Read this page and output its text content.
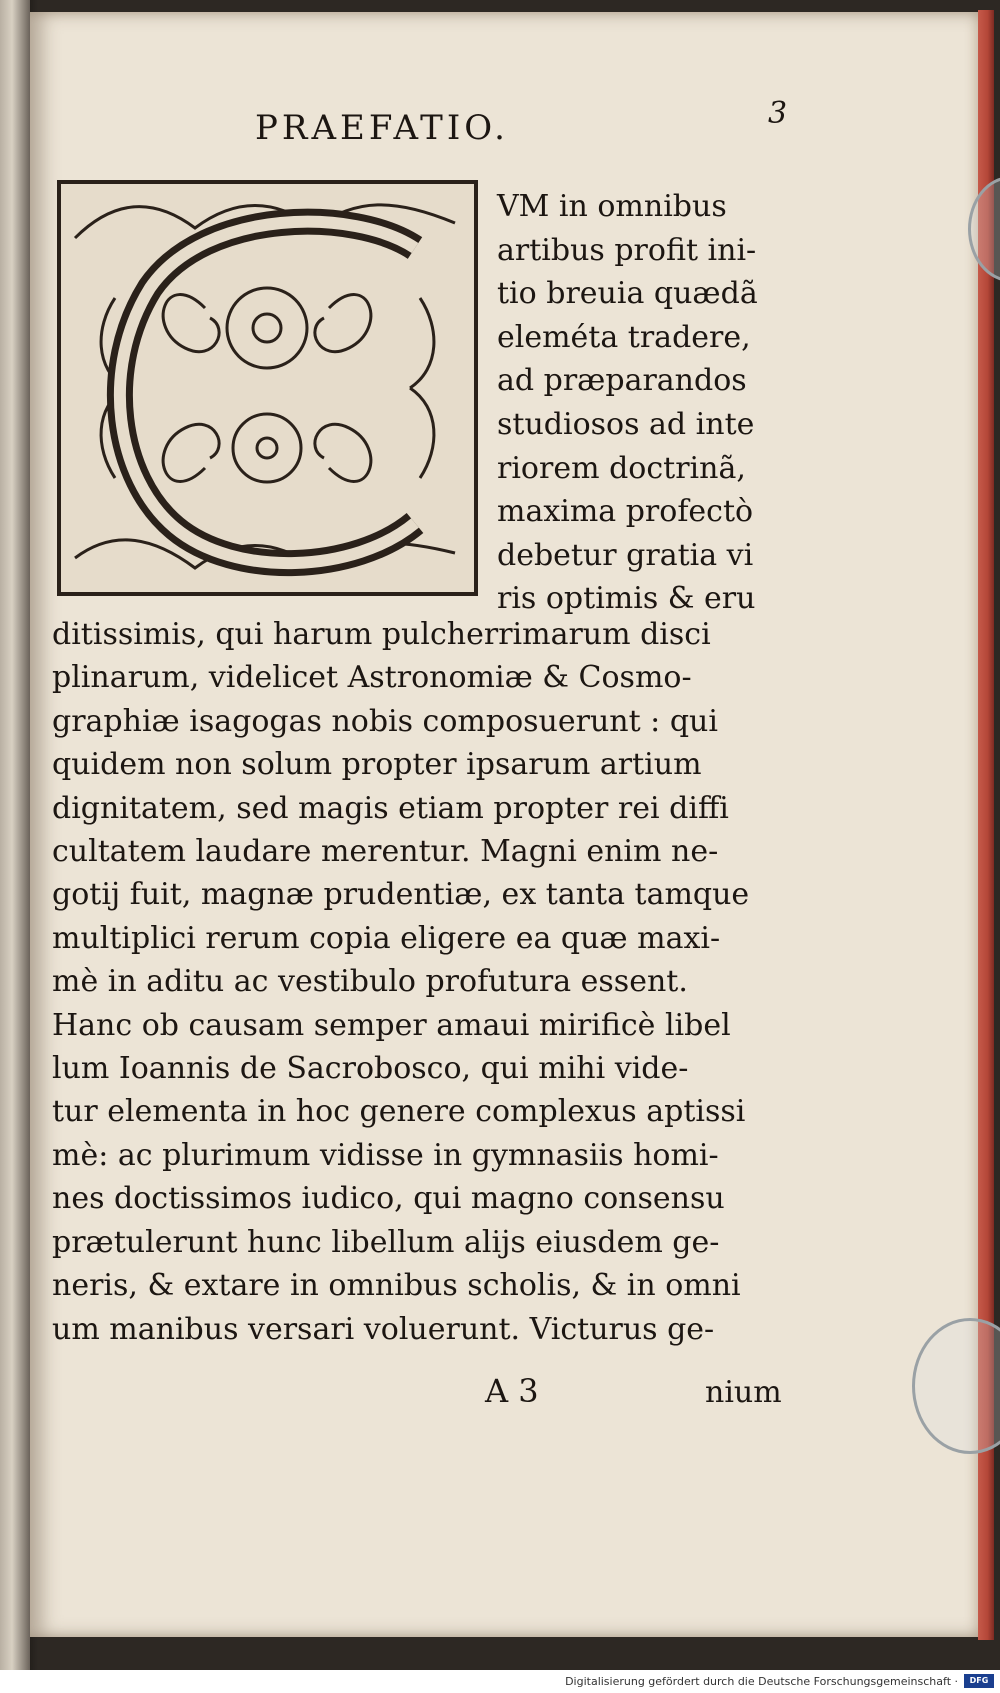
PRAEFATIO.	3
VM in omnibus
artibus profit ini-
tio breuia quædã
eleméta tradere,
ad præparandos
studiosos ad inte
riorem doctrinã,
maxima profectò
debetur gratia vi
ris optimis & eru
ditissimis, qui harum pulcherrimarum disci
plinarum, videlicet Astronomiæ & Cosmo-
graphiæ isagogas nobis composuerunt : qui
quidem non solum propter ipsarum artium
dignitatem, sed magis etiam propter rei diffi
cultatem laudare merentur. Magni enim ne-
gotij fuit, magnæ prudentiæ, ex tanta tamque
multiplici rerum copia eligere ea quæ maxi-
mè in aditu ac vestibulo profutura essent.
Hanc ob causam semper amaui mirificè libel
lum Ioannis de Sacrobosco, qui mihi vide-
tur elementa in hoc genere complexus aptissi
mè: ac plurimum vidisse in gymnasiis homi-
nes doctissimos iudico, qui magno consensu
prætulerunt hunc libellum alijs eiusdem ge-
neris, & extare in omnibus scholis, & in omni
um manibus versari voluerunt. Victurus ge-
A 3	nium
Digitalisierung gefördert durch die Deutsche Forschungsgemeinschaft ·	DFG
